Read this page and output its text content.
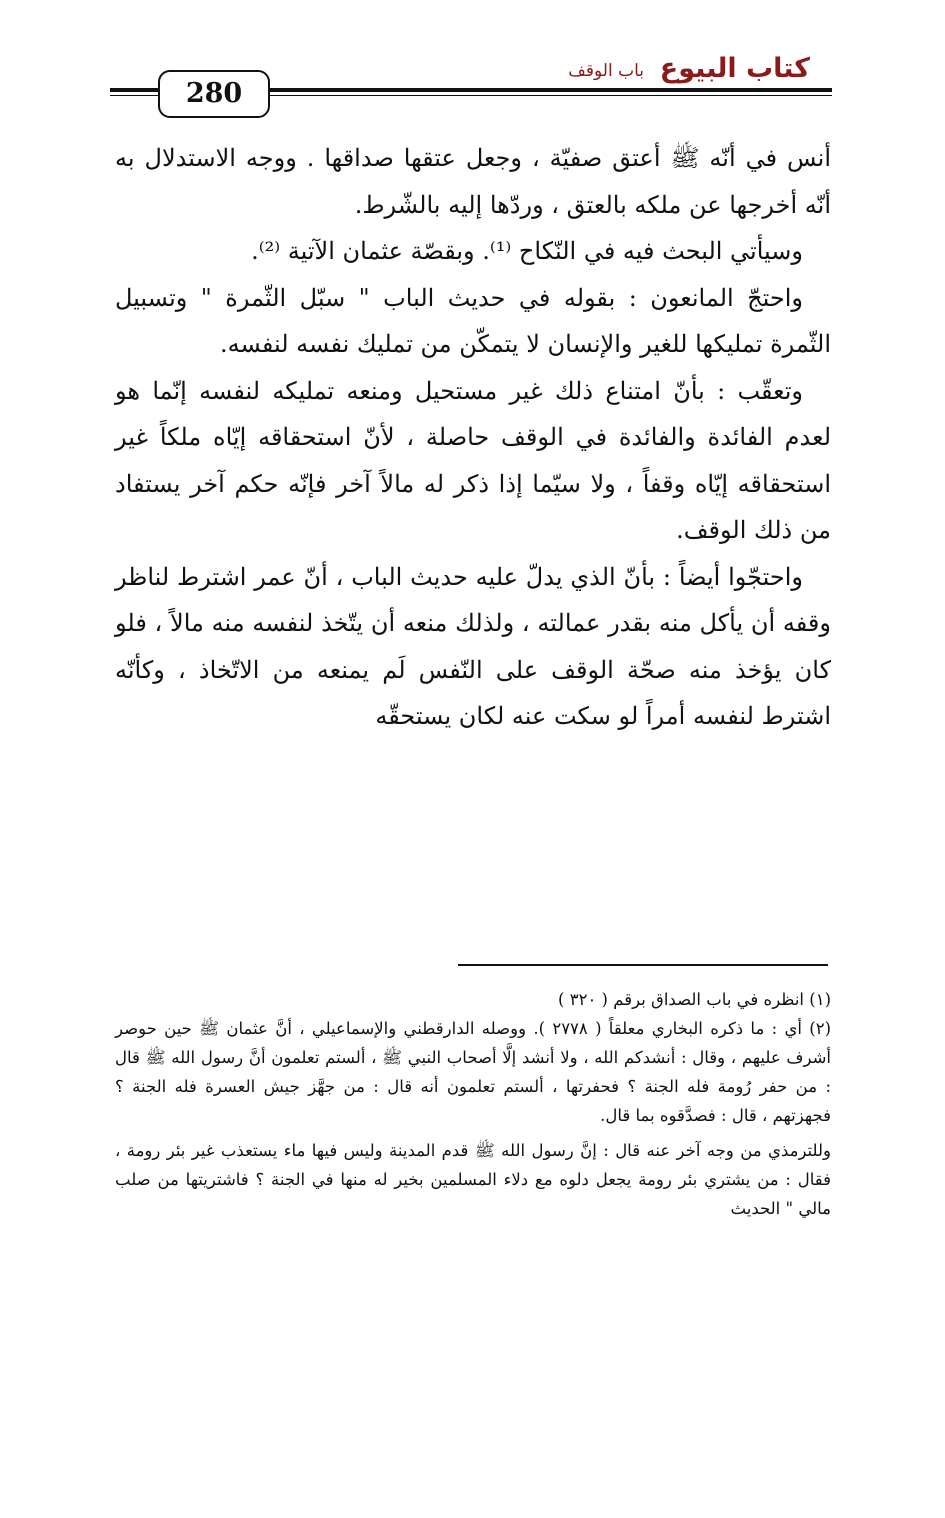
كتاب البيوع
باب الوقف
280

أنس في أنّه ﷺ أعتق صفيّة ، وجعل عتقها صداقها . ووجه الاستدلال به أنّه أخرجها عن ملكه بالعتق ، وردّها إليه بالشّرط.

وسيأتي البحث فيه في النّكاح ⁽¹⁾. وبقصّة عثمان الآتية ⁽²⁾.

واحتجّ المانعون : بقوله في حديث الباب " سبّل الثّمرة " وتسبيل الثّمرة تمليكها للغير والإنسان لا يتمكّن من تمليك نفسه لنفسه.

وتعقّب : بأنّ امتناع ذلك غير مستحيل ومنعه تمليكه لنفسه إنّما هو لعدم الفائدة والفائدة في الوقف حاصلة ، لأنّ استحقاقه إيّاه ملكاً غير استحقاقه إيّاه وقفاً ، ولا سيّما إذا ذكر له مالاً آخر فإنّه حكم آخر يستفاد من ذلك الوقف.

واحتجّوا أيضاً : بأنّ الذي يدلّ عليه حديث الباب ، أنّ عمر اشترط لناظر وقفه أن يأكل منه بقدر عمالته ، ولذلك منعه أن يتّخذ لنفسه منه مالاً ، فلو كان يؤخذ منه صحّة الوقف على النّفس لَم يمنعه من الاتّخاذ ، وكأنّه اشترط لنفسه أمراً لو سكت عنه لكان يستحقّه

(١) انظره في باب الصداق برقم ( ٣٢٠ )

(٢) أي : ما ذكره البخاري معلقاً ( ٢٧٧٨ ). ووصله الدارقطني والإسماعيلي ، أنَّ عثمان ﷺ حين حوصر أشرف عليهم ، وقال : أنشدكم الله ، ولا أنشد إلَّا أصحاب النبي ﷺ ، ألستم تعلمون أنَّ رسول الله ﷺ قال : من حفر رُومة فله الجنة ؟ فحفرتها ، ألستم تعلمون أنه قال : من جهَّز جيش العسرة فله الجنة ؟ فجهزتهم ، قال : فصدَّقوه بما قال.

وللترمذي من وجه آخر عنه قال : إنَّ رسول الله ﷺ قدم المدينة وليس فيها ماء يستعذب غير بئر رومة ، فقال : من يشتري بئر رومة يجعل دلوه مع دلاء المسلمين بخير له منها في الجنة ؟ فاشتريتها من صلب مالي " الحديث
